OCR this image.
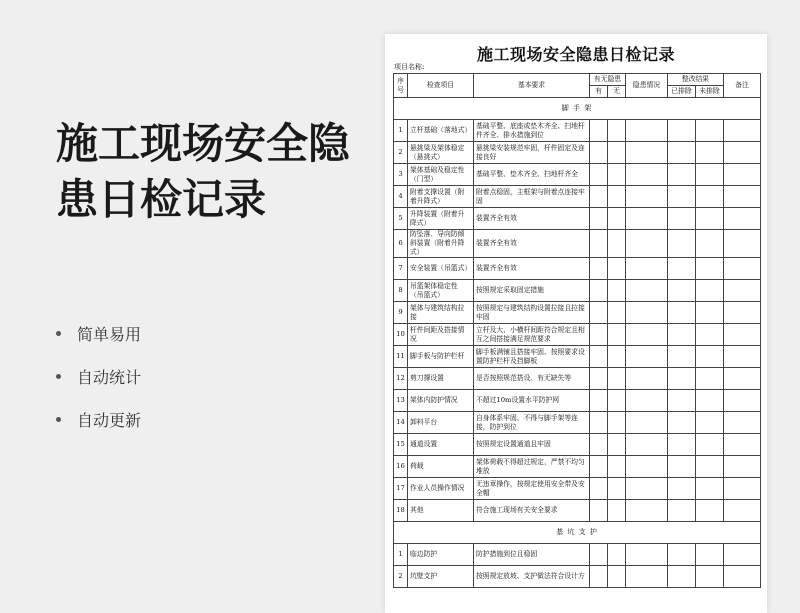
施工现场安全隐
患日检记录
简单易用
自动统计
自动更新
施工现场安全隐患日检记录
项目名称:
序号	检查项目	基本要求	有无隐患		隐患情况	整改结果		备注
			有	无		已排除	未排除	
脚 手 架								
1	立杆基础（落地式）	基础平整、底座或垫木齐全、扫地杆件齐全、排水措施到位						
2	悬挑梁及架体稳定（悬挑式）	悬挑梁安装规范牢固，杆件固定及连接良好						
3	架体基础及稳定性（门型）	基础平整、垫木齐全、扫地杆齐全						
4	附着支撑设置（附着升降式）	附着点稳固，主框架与附着点连接牢固						
5	升降装置（附着升降式）	装置齐全有效						
6	防坠落、导向防倾斜装置（附着升降式）	装置齐全有效						
7	安全装置（吊篮式）	装置齐全有效						
8	吊篮架体稳定性（吊篮式）	按照规定采取固定措施						
9	架体与建筑结构拉接	按照规定与建筑结构设置拉接且拉接牢固						
10	杆件间距及搭接情况	立杆及大、小横杆间距符合规定且相互之间搭接满足规范要求						
11	脚手板与防护栏杆	脚手板满铺且搭接牢固、按照要求设置防护栏杆及挡脚板						
12	剪刀撑设置	是否按照规范搭设、有无缺失等						
13	架体内防护情况	不超过10m设置水平防护网						
14	卸料平台	自身体系牢固、不得与脚手架等连接，防护到位						
15	通道设置	按照规定设置通道且牢固						
16	荷载	架体荷载不得超过规定，严禁不均匀堆放						
17	作业人员操作情况	无违章操作，按规定使用安全带及安全帽						
18	其他	符合施工现场有关安全要求						
基 坑 支 护								
1	临边防护	防护措施到位且稳固						
2	坑壁支护	按照规定放坡、支护做法符合设计方						
